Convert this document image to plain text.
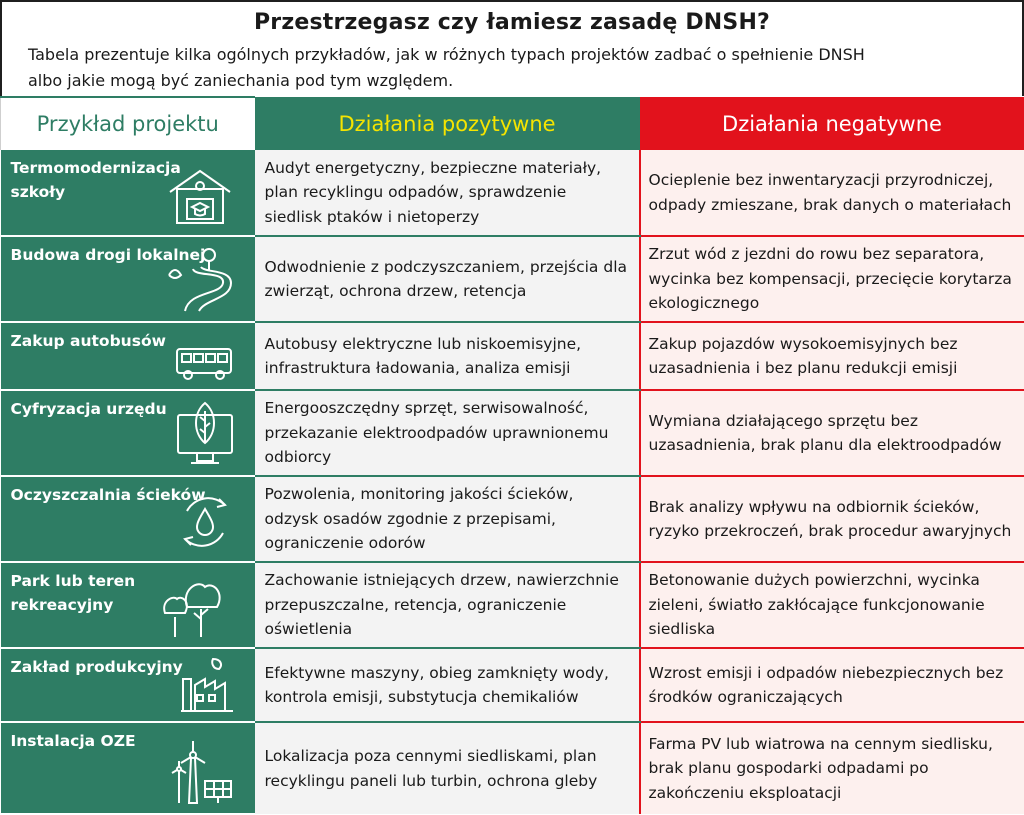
Przestrzegasz czy łamiesz zasadę DNSH?
Tabela prezentuje kilka ogólnych przykładów, jak w różnych typach projektów zadbać o spełnienie DNSH
albo jakie mogą być zaniechania pod tym względem.
Przykład projektu	Działania pozytywne	Działania negatywne

Termomodernizacja szkoły	Audyt energetyczny, bezpieczne materiały, plan recyklingu odpadów, sprawdzenie siedlisk ptaków i nietoperzy	Ocieplenie bez inwentaryzacji przyrodniczej, odpady zmieszane, brak danych o materiałach

Budowa drogi lokalnej	Odwodnienie z podczyszczaniem, przejścia dla zwierząt, ochrona drzew, retencja	Zrzut wód z jezdni do rowu bez separatora, wycinka bez kompensacji, przecięcie korytarza ekologicznego

Zakup autobusów	Autobusy elektryczne lub niskoemisyjne, infrastruktura ładowania, analiza emisji	Zakup pojazdów wysokoemisyjnych bez uzasadnienia i bez planu redukcji emisji

Cyfryzacja urzędu	Energooszczędny sprzęt, serwisowalność, przekazanie elektroodpadów uprawnionemu odbiorcy	Wymiana działającego sprzętu bez uzasadnienia, brak planu dla elektroodpadów

Oczyszczalnia ścieków	Pozwolenia, monitoring jakości ścieków, odzysk osadów zgodnie z przepisami, ograniczenie odorów	Brak analizy wpływu na odbiornik ścieków, ryzyko przekroczeń, brak procedur awaryjnych

Park lub teren rekreacyjny	Zachowanie istniejących drzew, nawierzchnie przepuszczalne, retencja, ograniczenie oświetlenia	Betonowanie dużych powierzchni, wycinka zieleni, światło zakłócające funkcjonowanie siedliska

Zakład produkcyjny	Efektywne maszyny, obieg zamknięty wody, kontrola emisji, substytucja chemikaliów	Wzrost emisji i odpadów niebezpiecznych bez środków ograniczających

Instalacja OZE	Lokalizacja poza cennymi siedliskami, plan recyklingu paneli lub turbin, ochrona gleby	Farma PV lub wiatrowa na cennym siedlisku, brak planu gospodarki odpadami po zakończeniu eksploatacji
